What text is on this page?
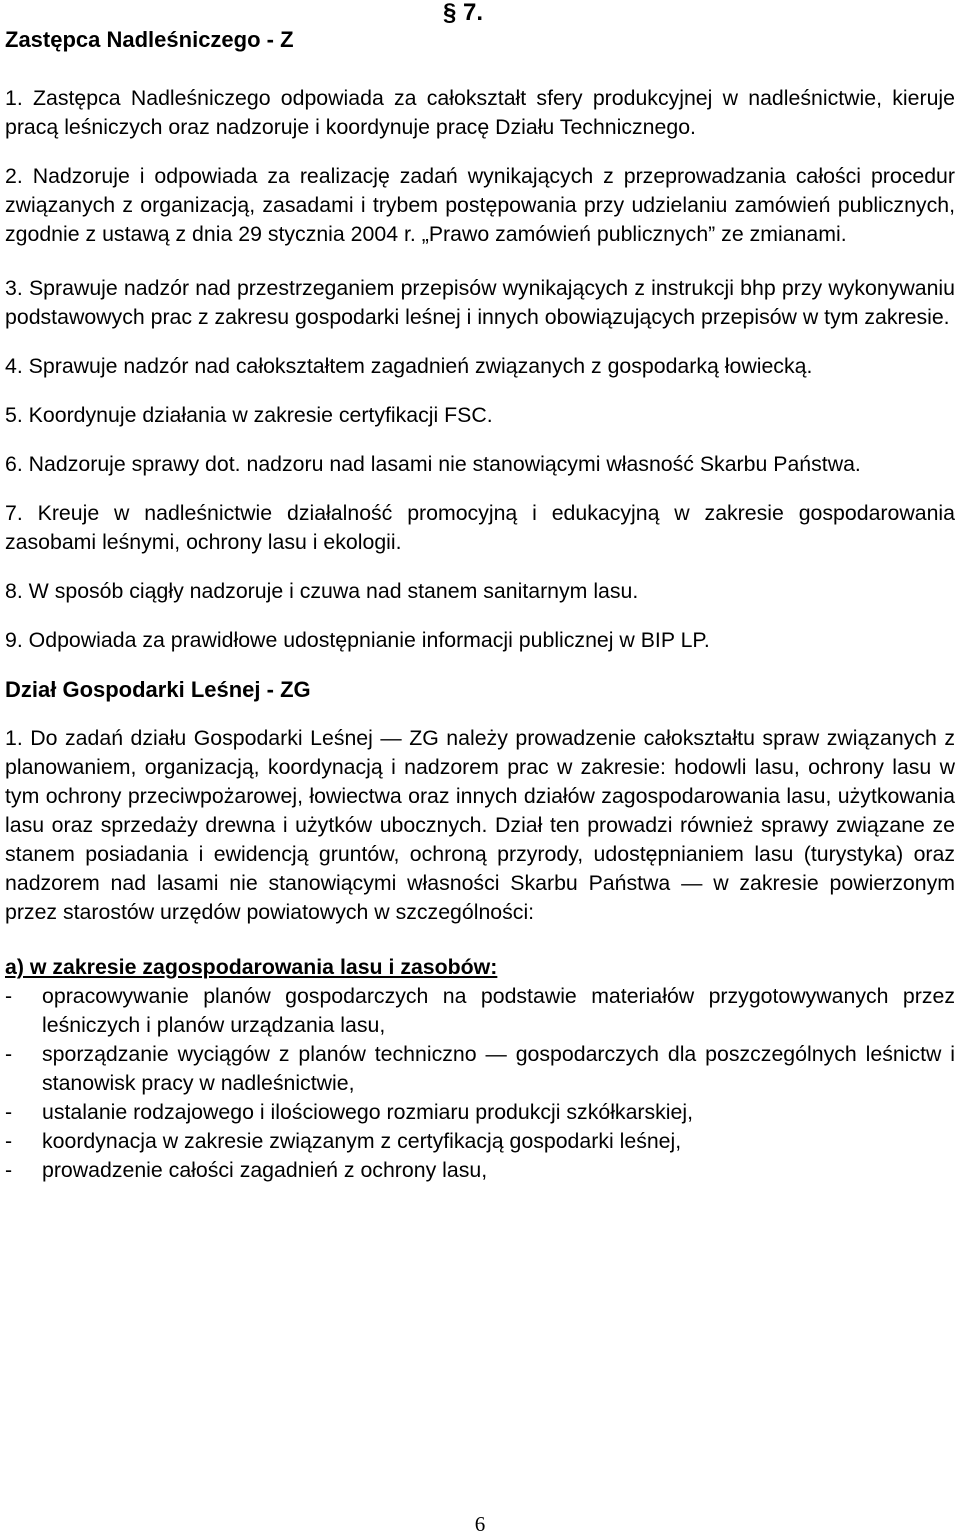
Zastępca Nadleśniczego - Z
§ 7.

1. Zastępca Nadleśniczego odpowiada za całokształt sfery produkcyjnej w nadleśnictwie, kieruje pracą leśniczych oraz nadzoruje i koordynuje pracę Działu Technicznego.

2. Nadzoruje i odpowiada za realizację zadań wynikających z przeprowadzania całości procedur związanych z organizacją, zasadami i trybem postępowania przy udzielaniu zamówień publicznych, zgodnie z ustawą z dnia 29 stycznia 2004 r. „Prawo zamówień publicznych” ze zmianami.

3. Sprawuje nadzór nad przestrzeganiem przepisów wynikających z instrukcji bhp przy wykonywaniu podstawowych prac z zakresu gospodarki leśnej i innych obowiązujących przepisów w tym zakresie.

4. Sprawuje nadzór nad całokształtem zagadnień związanych z gospodarką łowiecką.

5. Koordynuje działania w zakresie certyfikacji FSC.

6. Nadzoruje sprawy dot. nadzoru nad lasami nie stanowiącymi własność Skarbu Państwa.

7. Kreuje w nadleśnictwie działalność promocyjną i edukacyjną w zakresie gospodarowania zasobami leśnymi, ochrony lasu i ekologii.

8. W sposób ciągły nadzoruje i czuwa nad stanem sanitarnym lasu.

9. Odpowiada za prawidłowe udostępnianie informacji publicznej w BIP LP.

Dział Gospodarki Leśnej - ZG

1. Do zadań działu Gospodarki Leśnej — ZG należy prowadzenie całokształtu spraw związanych z planowaniem, organizacją, koordynacją i nadzorem prac w zakresie: hodowli lasu, ochrony lasu w tym ochrony przeciwpożarowej, łowiectwa oraz innych działów zagospodarowania lasu, użytkowania lasu oraz sprzedaży drewna i użytków ubocznych. Dział ten prowadzi również sprawy związane ze stanem posiadania i ewidencją gruntów, ochroną przyrody, udostępnianiem lasu (turystyka) oraz nadzorem nad lasami nie stanowiącymi własności Skarbu Państwa — w zakresie powierzonym przez starostów urzędów powiatowych w szczególności:

a) w zakresie zagospodarowania lasu i zasobów:

-	opracowywanie planów gospodarczych na podstawie materiałów przygotowywanych przez leśniczych i planów urządzania lasu,
-	sporządzanie wyciągów z planów techniczno — gospodarczych dla poszczególnych leśnictw i stanowisk pracy w nadleśnictwie,
-	ustalanie rodzajowego i ilościowego rozmiaru produkcji szkółkarskiej,
-	koordynacja w zakresie związanym z certyfikacją gospodarki leśnej,
-	prowadzenie całości zagadnień z ochrony lasu,
6
